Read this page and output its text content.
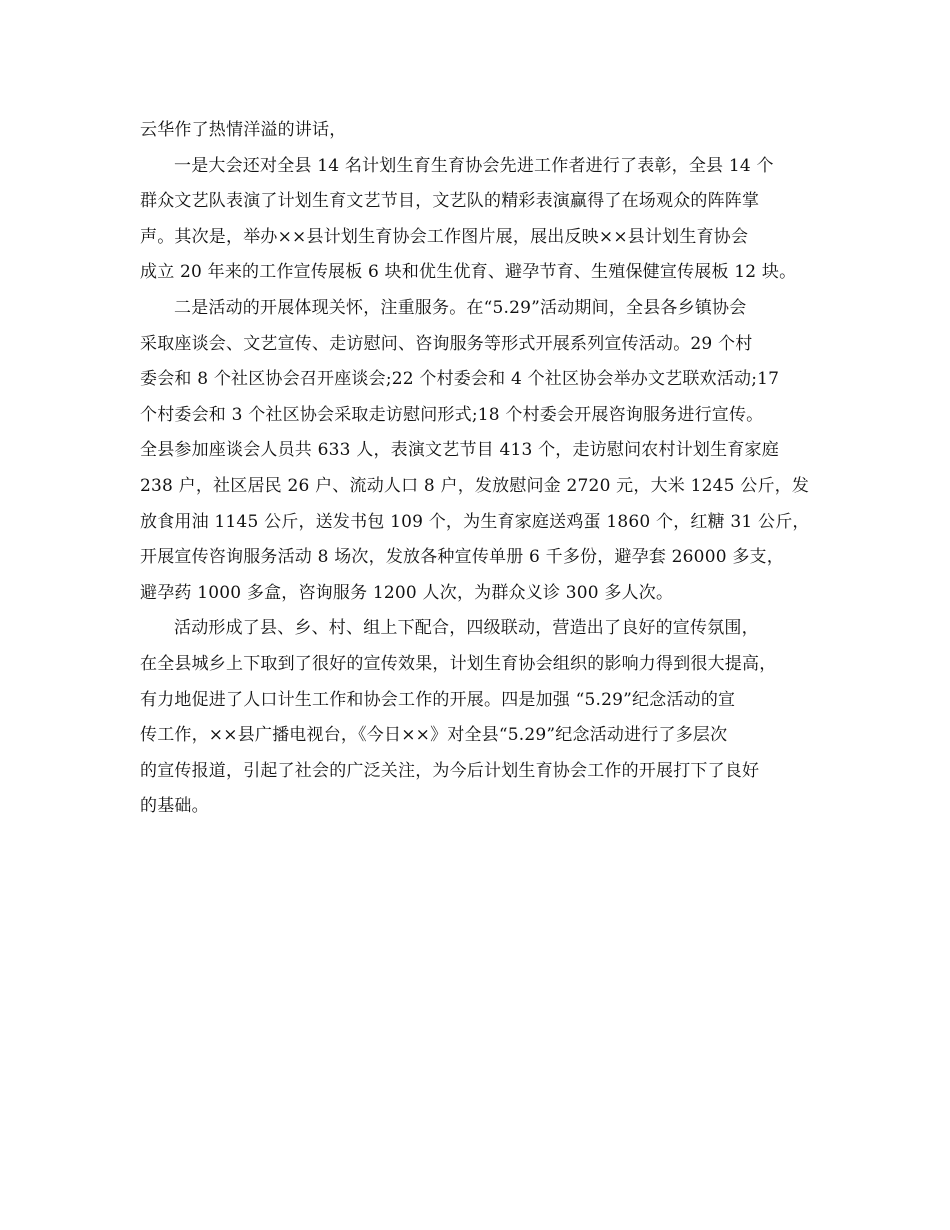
云华作了热情洋溢的讲话，

一是大会还对全县 14 名计划生育生育协会先进工作者进行了表彰，全县 14 个
群众文艺队表演了计划生育文艺节目，文艺队的精彩表演赢得了在场观众的阵阵掌
声。其次是，举办××县计划生育协会工作图片展，展出反映××县计划生育协会
成立 20 年来的工作宣传展板 6 块和优生优育、避孕节育、生殖保健宣传展板 12 块。

二是活动的开展体现关怀，注重服务。在“5.29”活动期间，全县各乡镇协会
采取座谈会、文艺宣传、走访慰问、咨询服务等形式开展系列宣传活动。29 个村
委会和 8 个社区协会召开座谈会;22 个村委会和 4 个社区协会举办文艺联欢活动;17
个村委会和 3 个社区协会采取走访慰问形式;18 个村委会开展咨询服务进行宣传。
全县参加座谈会人员共 633 人，表演文艺节目 413 个，走访慰问农村计划生育家庭
238 户，社区居民 26 户、流动人口 8 户，发放慰问金 2720 元，大米 1245 公斤，发
放食用油 1145 公斤，送发书包 109 个，为生育家庭送鸡蛋 1860 个，红糖 31 公斤，
开展宣传咨询服务活动 8 场次，发放各种宣传单册 6 千多份，避孕套 26000 多支，
避孕药 1000 多盒，咨询服务 1200 人次，为群众义诊 300 多人次。

活动形成了县、乡、村、组上下配合，四级联动，营造出了良好的宣传氛围，
在全县城乡上下取到了很好的宣传效果，计划生育协会组织的影响力得到很大提高，
有力地促进了人口计生工作和协会工作的开展。四是加强 “5.29”纪念活动的宣
传工作，××县广播电视台，《今日××》对全县“5.29”纪念活动进行了多层次
的宣传报道，引起了社会的广泛关注，为今后计划生育协会工作的开展打下了良好
的基础。
